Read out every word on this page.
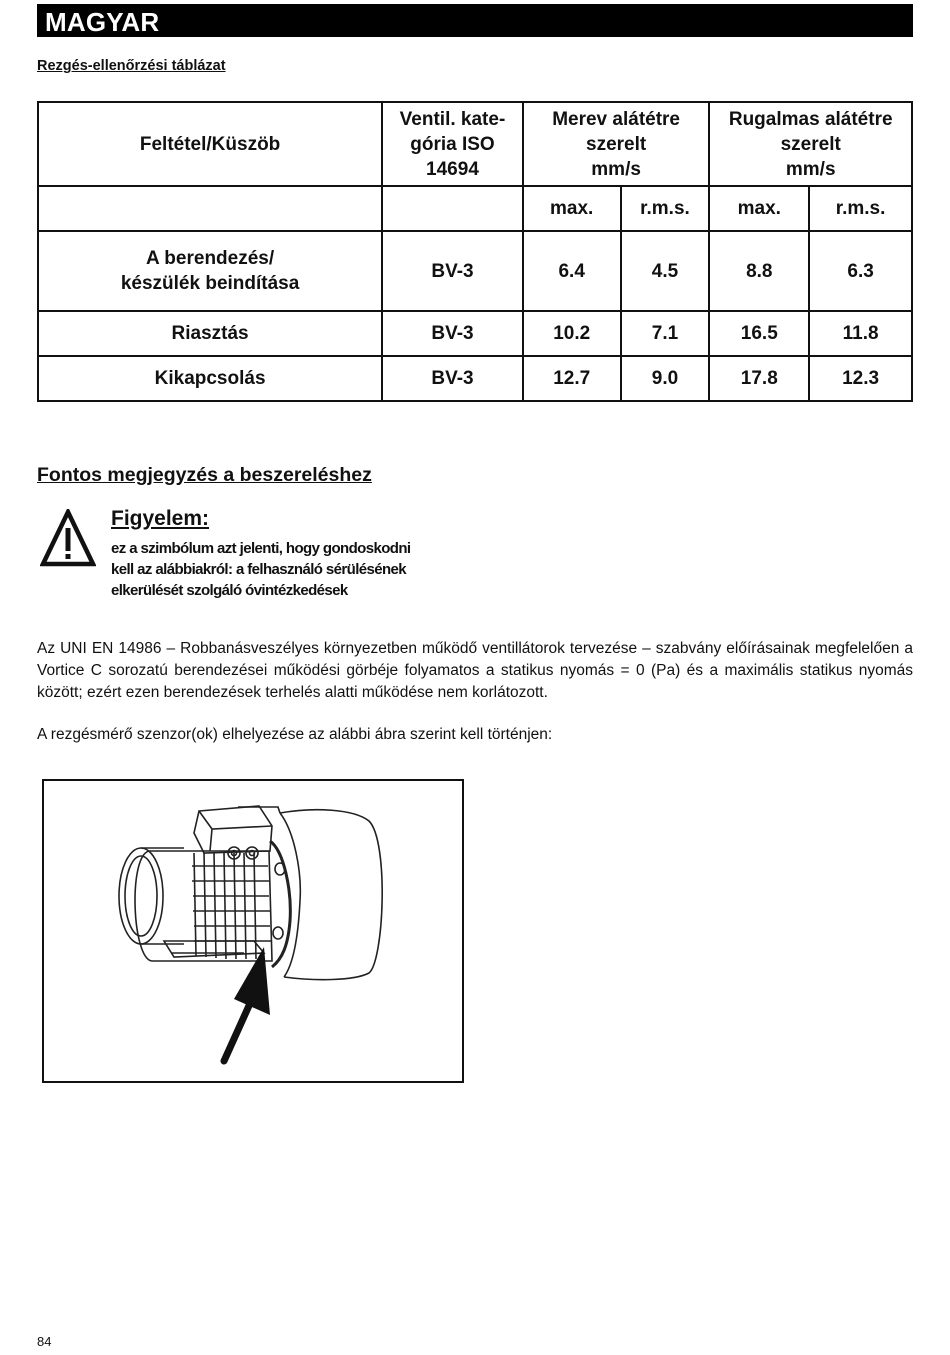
MAGYAR
Rezgés-ellenőrzési táblázat
Feltétel/Küszöb	Ventil. kate-
gória ISO
14694	Merev alátétre
szerelt
mm/s		Rugalmas alátétre
szerelt
mm/s	
		max.	r.m.s.	max.	r.m.s.
A berendezés/
készülék beindítása	BV-3	6.4	4.5	8.8	6.3
Riasztás	BV-3	10.2	7.1	16.5	11.8
Kikapcsolás	BV-3	12.7	9.0	17.8	12.3
Fontos megjegyzés a beszereléshez
Figyelem:
ez a szimbólum azt jelenti, hogy gondoskodni
kell az alábbiakról: a felhasználó sérülésének
elkerülését szolgáló óvintézkedések
Az UNI EN 14986 – Robbanásveszélyes környezetben működő ventillátorok tervezése – szabvány előírásainak megfelelően a Vortice C sorozatú berendezései működési görbéje folyamatos a statikus nyomás = 0 (Pa) és a maximális statikus nyomás között; ezért ezen berendezések terhelés alatti működése nem korlátozott.
A rezgésmérő szenzor(ok) elhelyezése az alábbi ábra szerint kell történjen:
84
